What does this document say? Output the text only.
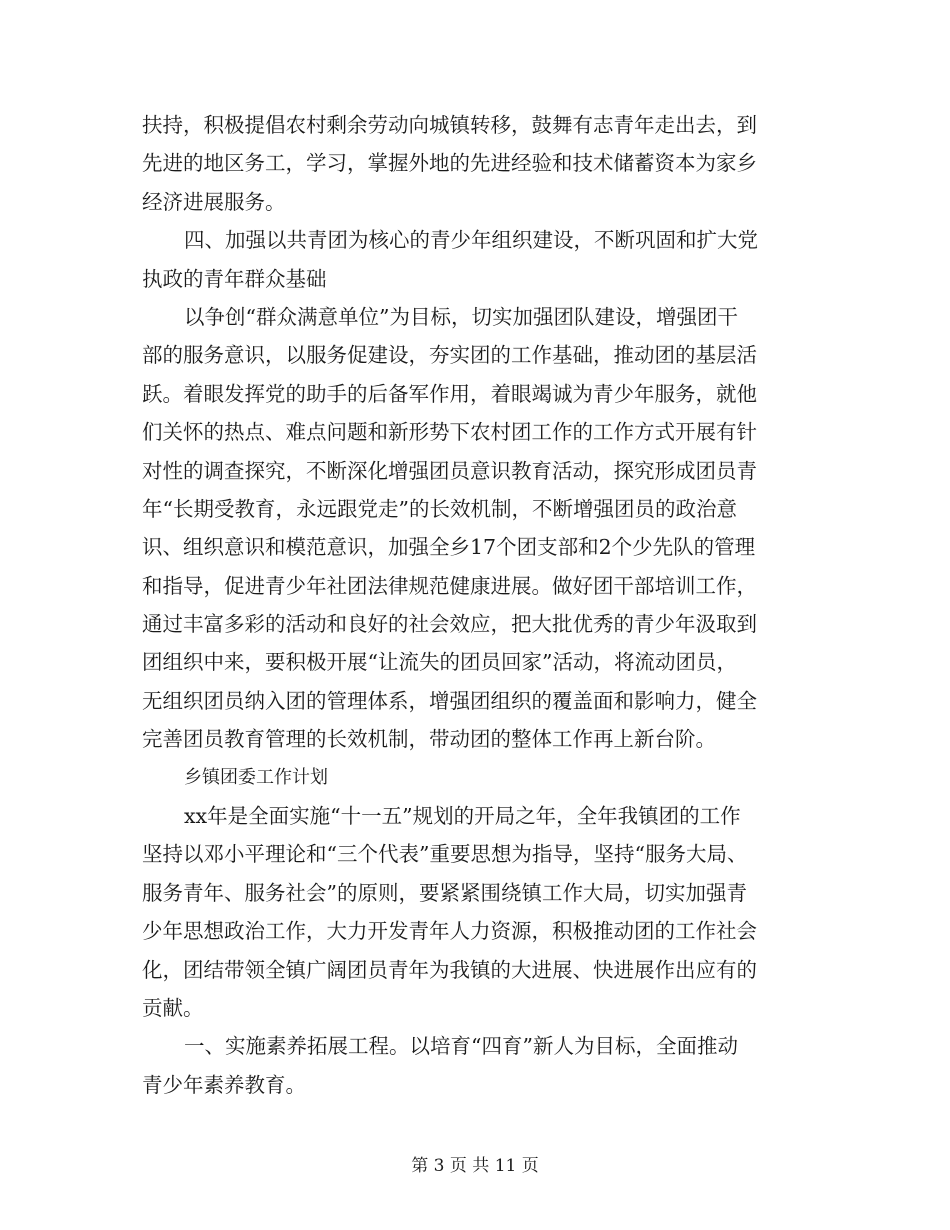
扶持，积极提倡农村剩余劳动向城镇转移，鼓舞有志青年走出去，到
先进的地区务工，学习，掌握外地的先进经验和技术储蓄资本为家乡
经济进展服务。
四、加强以共青团为核心的青少年组织建设，不断巩固和扩大党
执政的青年群众基础
以争创“群众满意单位”为目标，切实加强团队建设，增强团干
部的服务意识，以服务促建设，夯实团的工作基础，推动团的基层活
跃。着眼发挥党的助手的后备军作用，着眼竭诚为青少年服务，就他
们关怀的热点、难点问题和新形势下农村团工作的工作方式开展有针
对性的调查探究，不断深化增强团员意识教育活动，探究形成团员青
年“长期受教育，永远跟党走”的长效机制，不断增强团员的政治意
识、组织意识和模范意识，加强全乡17个团支部和2个少先队的管理
和指导，促进青少年社团法律规范健康进展。做好团干部培训工作，
通过丰富多彩的活动和良好的社会效应，把大批优秀的青少年汲取到
团组织中来，要积极开展“让流失的团员回家”活动，将流动团员，
无组织团员纳入团的管理体系，增强团组织的覆盖面和影响力，健全
完善团员教育管理的长效机制，带动团的整体工作再上新台阶。
乡镇团委工作计划
xx年是全面实施“十一五”规划的开局之年，全年我镇团的工作
坚持以邓小平理论和“三个代表”重要思想为指导，坚持“服务大局、
服务青年、服务社会”的原则，要紧紧围绕镇工作大局，切实加强青
少年思想政治工作，大力开发青年人力资源，积极推动团的工作社会
化，团结带领全镇广阔团员青年为我镇的大进展、快进展作出应有的
贡献。
一、实施素养拓展工程。以培育“四育”新人为目标，全面推动
青少年素养教育。
第 3 页 共 11 页
